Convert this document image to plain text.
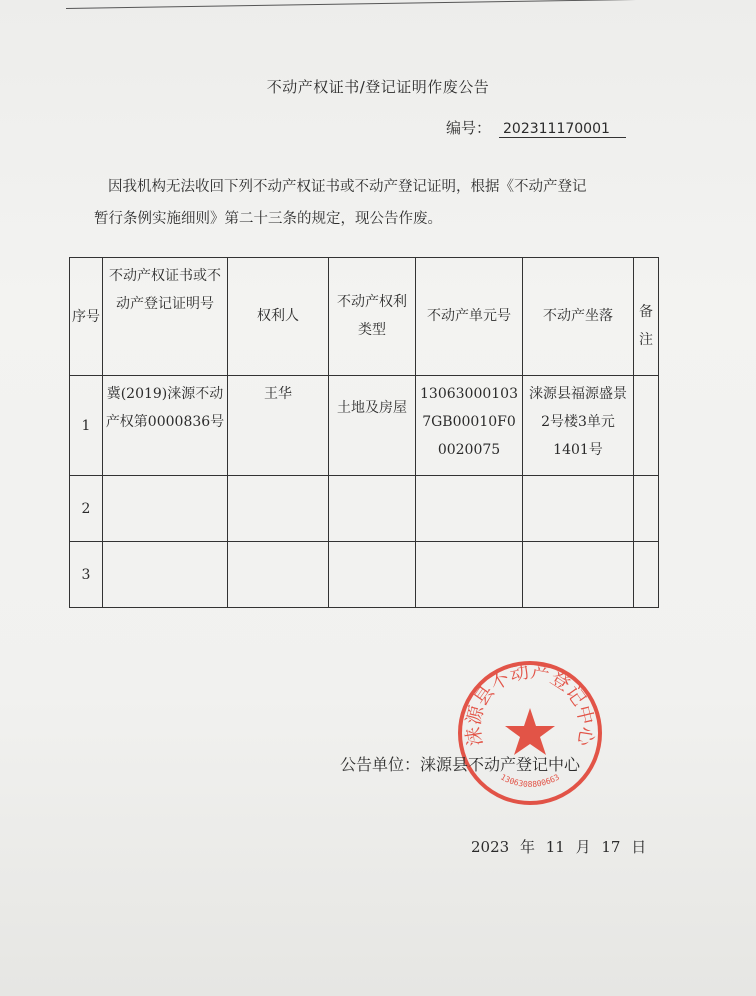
不动产权证书/登记证明作废公告
编号： 202311170001

因我机构无法收回下列不动产权证书或不动产登记证明，根据《不动产登记

暂行条例实施细则》第二十三条的规定，现公告作废。
序号	不动产权证书或不动产登记证明号	权利人	不动产权利类型	不动产单元号	不动产坐落	备注
1	冀(2019)涞源不动产权第0000836号	王华	土地及房屋	130630001037GB00010F00020075	涞源县福源盛景2号楼3单元1401号	
2						
3						
涞源县不动产登记中心
1306308800663
公告单位：涞源县不动产登记中心
2023 年 11 月 17 日
